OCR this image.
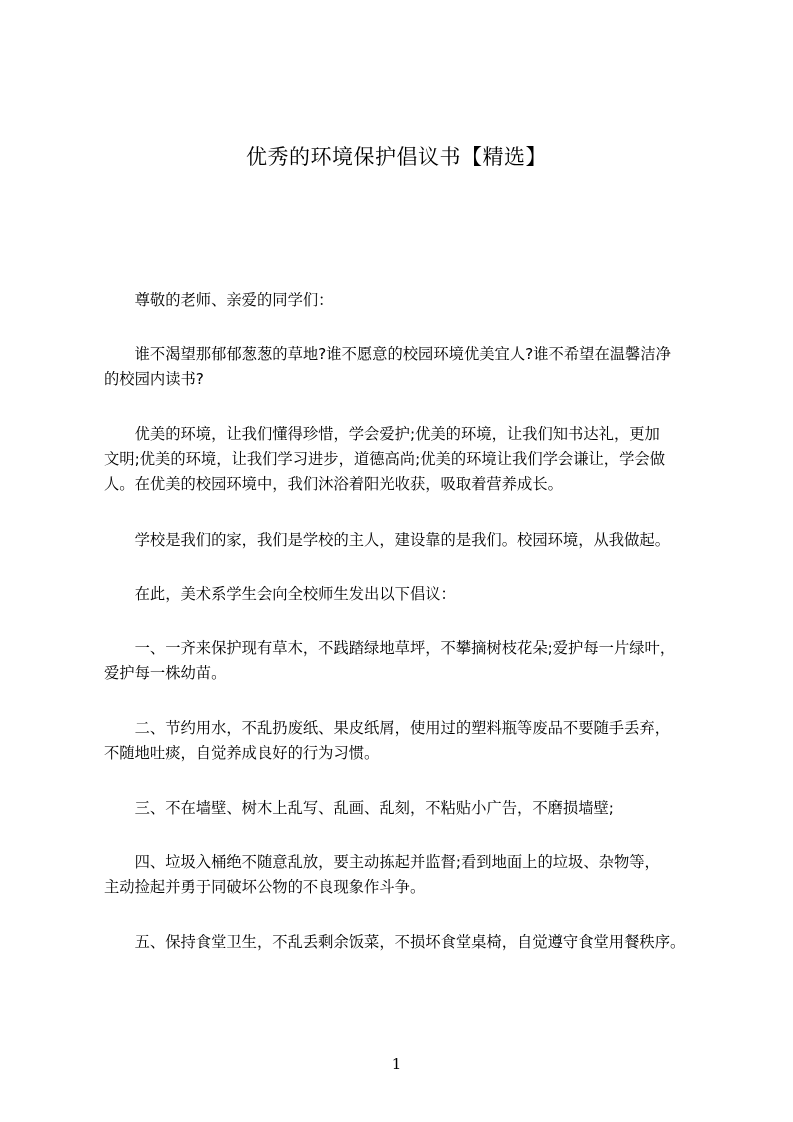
优秀的环境保护倡议书【精选】
　　尊敬的老师、亲爱的同学们：
　　谁不渴望那郁郁葱葱的草地?谁不愿意的校园环境优美宜人?谁不希望在温馨洁净
的校园内读书?
　　优美的环境，让我们懂得珍惜，学会爱护;优美的环境，让我们知书达礼，更加
文明;优美的环境，让我们学习进步，道德高尚;优美的环境让我们学会谦让，学会做
人。在优美的校园环境中，我们沐浴着阳光收获，吸取着营养成长。
　　学校是我们的家，我们是学校的主人，建设靠的是我们。校园环境，从我做起。
　　在此，美术系学生会向全校师生发出以下倡议：
　　一、一齐来保护现有草木，不践踏绿地草坪，不攀摘树枝花朵;爱护每一片绿叶，
爱护每一株幼苗。
　　二、节约用水，不乱扔废纸、果皮纸屑，使用过的塑料瓶等废品不要随手丢弃，
不随地吐痰，自觉养成良好的行为习惯。
　　三、不在墙壁、树木上乱写、乱画、乱刻，不粘贴小广告，不磨损墙壁;
　　四、垃圾入桶绝不随意乱放，要主动拣起并监督;看到地面上的垃圾、杂物等，
主动捡起并勇于同破坏公物的不良现象作斗争。
　　五、保持食堂卫生，不乱丢剩余饭菜，不损坏食堂桌椅，自觉遵守食堂用餐秩序。
1
